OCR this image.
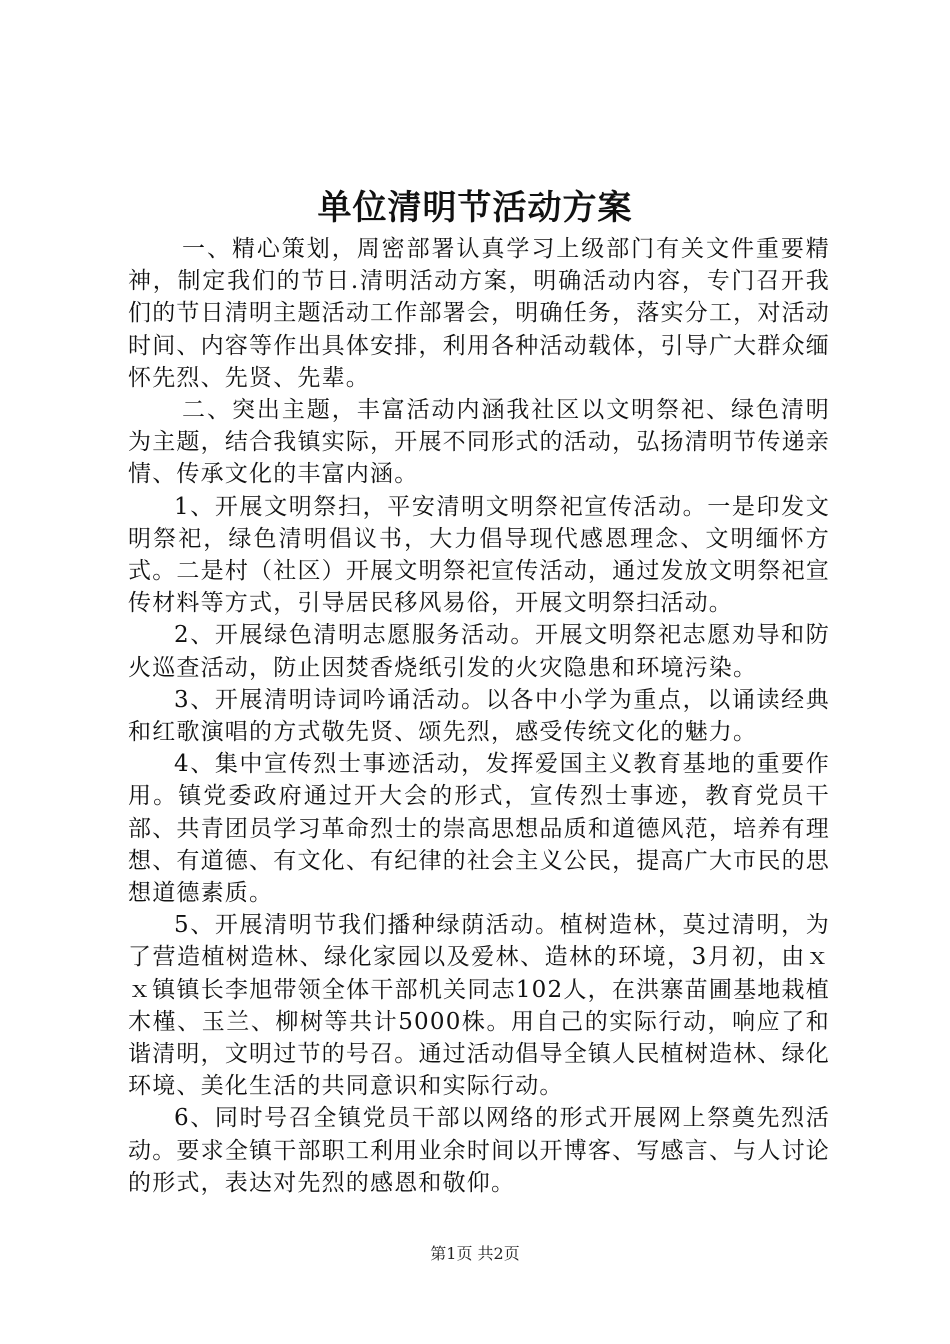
单位清明节活动方案

一、精心策划，周密部署认真学习上级部门有关文件重要精神，制定我们的节日.清明活动方案，明确活动内容，专门召开我们的节日清明主题活动工作部署会，明确任务，落实分工，对活动时间、内容等作出具体安排，利用各种活动载体，引导广大群众缅怀先烈、先贤、先辈。

二、突出主题，丰富活动内涵我社区以文明祭祀、绿色清明为主题，结合我镇实际，开展不同形式的活动，弘扬清明节传递亲情、传承文化的丰富内涵。

1、开展文明祭扫，平安清明文明祭祀宣传活动。一是印发文明祭祀，绿色清明倡议书，大力倡导现代感恩理念、文明缅怀方式。二是村（社区）开展文明祭祀宣传活动，通过发放文明祭祀宣传材料等方式，引导居民移风易俗，开展文明祭扫活动。

2、开展绿色清明志愿服务活动。开展文明祭祀志愿劝导和防火巡查活动，防止因焚香烧纸引发的火灾隐患和环境污染。

3、开展清明诗词吟诵活动。以各中小学为重点，以诵读经典和红歌演唱的方式敬先贤、颂先烈，感受传统文化的魅力。

4、集中宣传烈士事迹活动，发挥爱国主义教育基地的重要作用。镇党委政府通过开大会的形式，宣传烈士事迹，教育党员干部、共青团员学习革命烈士的崇高思想品质和道德风范，培养有理想、有道德、有文化、有纪律的社会主义公民，提高广大市民的思想道德素质。

5、开展清明节我们播种绿荫活动。植树造林，莫过清明，为了营造植树造林、绿化家园以及爱林、造林的环境，3月初，由ｘｘ镇镇长李旭带领全体干部机关同志102人，在洪寨苗圃基地栽植木槿、玉兰、柳树等共计5000株。用自己的实际行动，响应了和谐清明，文明过节的号召。通过活动倡导全镇人民植树造林、绿化环境、美化生活的共同意识和实际行动。

6、同时号召全镇党员干部以网络的形式开展网上祭奠先烈活动。要求全镇干部职工利用业余时间以开博客、写感言、与人讨论的形式，表达对先烈的感恩和敬仰。

第1页 共2页
